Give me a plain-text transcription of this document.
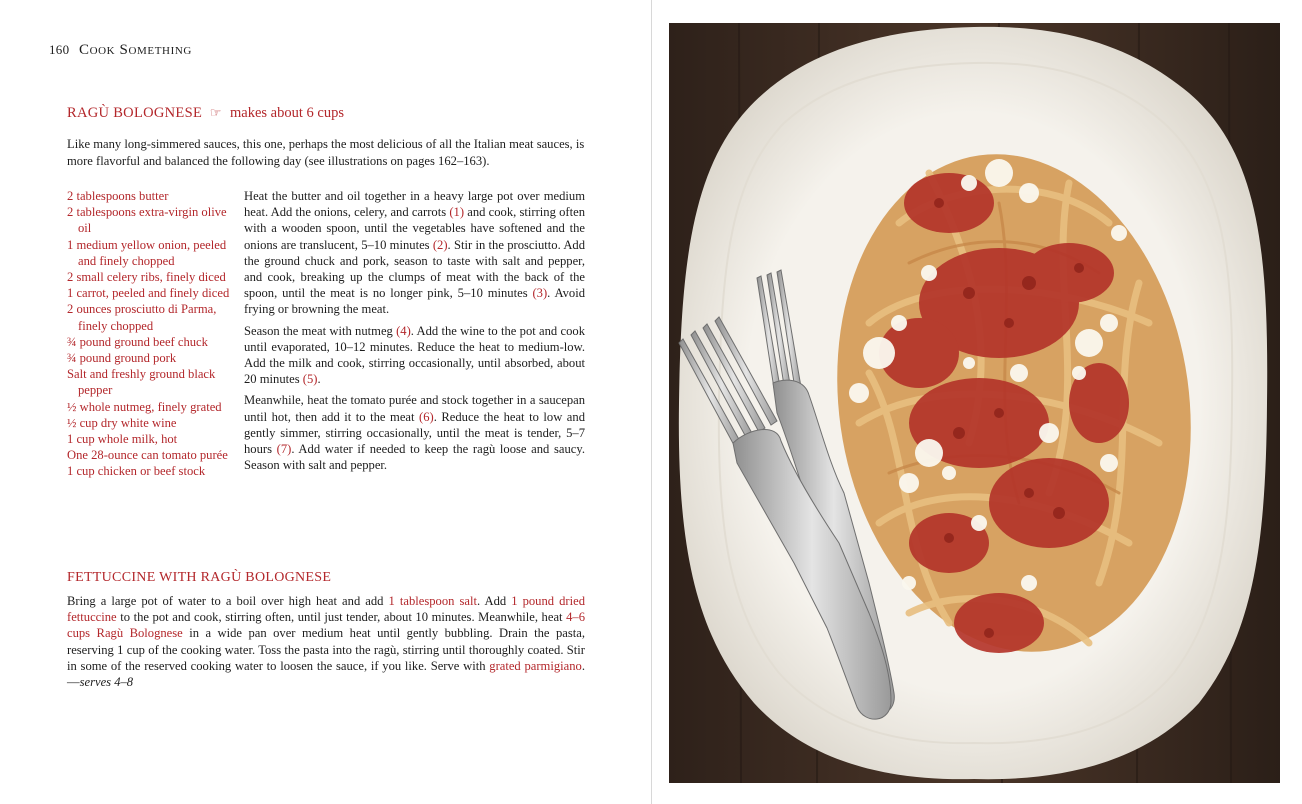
160 Cook Something
RAGÙ BOLOGNESE ☞ makes about 6 cups
Like many long-simmered sauces, this one, perhaps the most delicious of all the Italian meat sauces, is more flavorful and balanced the following day (see illustrations on pages 162–163).
2 tablespoons butter
2 tablespoons extra-virgin olive oil
1 medium yellow onion, peeled and finely chopped
2 small celery ribs, finely diced
1 carrot, peeled and finely diced
2 ounces prosciutto di Parma, finely chopped
¾ pound ground beef chuck
¾ pound ground pork
Salt and freshly ground black pepper
½ whole nutmeg, finely grated
½ cup dry white wine
1 cup whole milk, hot
One 28-ounce can tomato purée
1 cup chicken or beef stock

Heat the butter and oil together in a heavy large pot over medium heat. Add the onions, celery, and carrots (1) and cook, stirring often with a wooden spoon, until the vegetables have softened and the onions are translucent, 5–10 minutes (2). Stir in the prosciutto. Add the ground chuck and pork, season to taste with salt and pepper, and cook, breaking up the clumps of meat with the back of the spoon, until the meat is no longer pink, 5–10 minutes (3). Avoid frying or browning the meat.

Season the meat with nutmeg (4). Add the wine to the pot and cook until evaporated, 10–12 minutes. Reduce the heat to medium-low. Add the milk and cook, stirring occasionally, until absorbed, about 20 minutes (5).

Meanwhile, heat the tomato purée and stock together in a saucepan until hot, then add it to the meat (6). Reduce the heat to low and gently simmer, stirring occasionally, until the meat is tender, 5–7 hours (7). Add water if needed to keep the ragù loose and saucy. Season with salt and pepper.

FETTUCCINE WITH RAGÙ BOLOGNESE
Bring a large pot of water to a boil over high heat and add 1 tablespoon salt. Add 1 pound dried fettuccine to the pot and cook, stirring often, until just tender, about 10 minutes. Meanwhile, heat 4–6 cups Ragù Bolognese in a wide pan over medium heat until gently bubbling. Drain the pasta, reserving 1 cup of the cooking water. Toss the pasta into the ragù, stirring until thoroughly coated. Stir in some of the reserved cooking water to loosen the sauce, if you like. Serve with grated parmigiano.—serves 4–8
